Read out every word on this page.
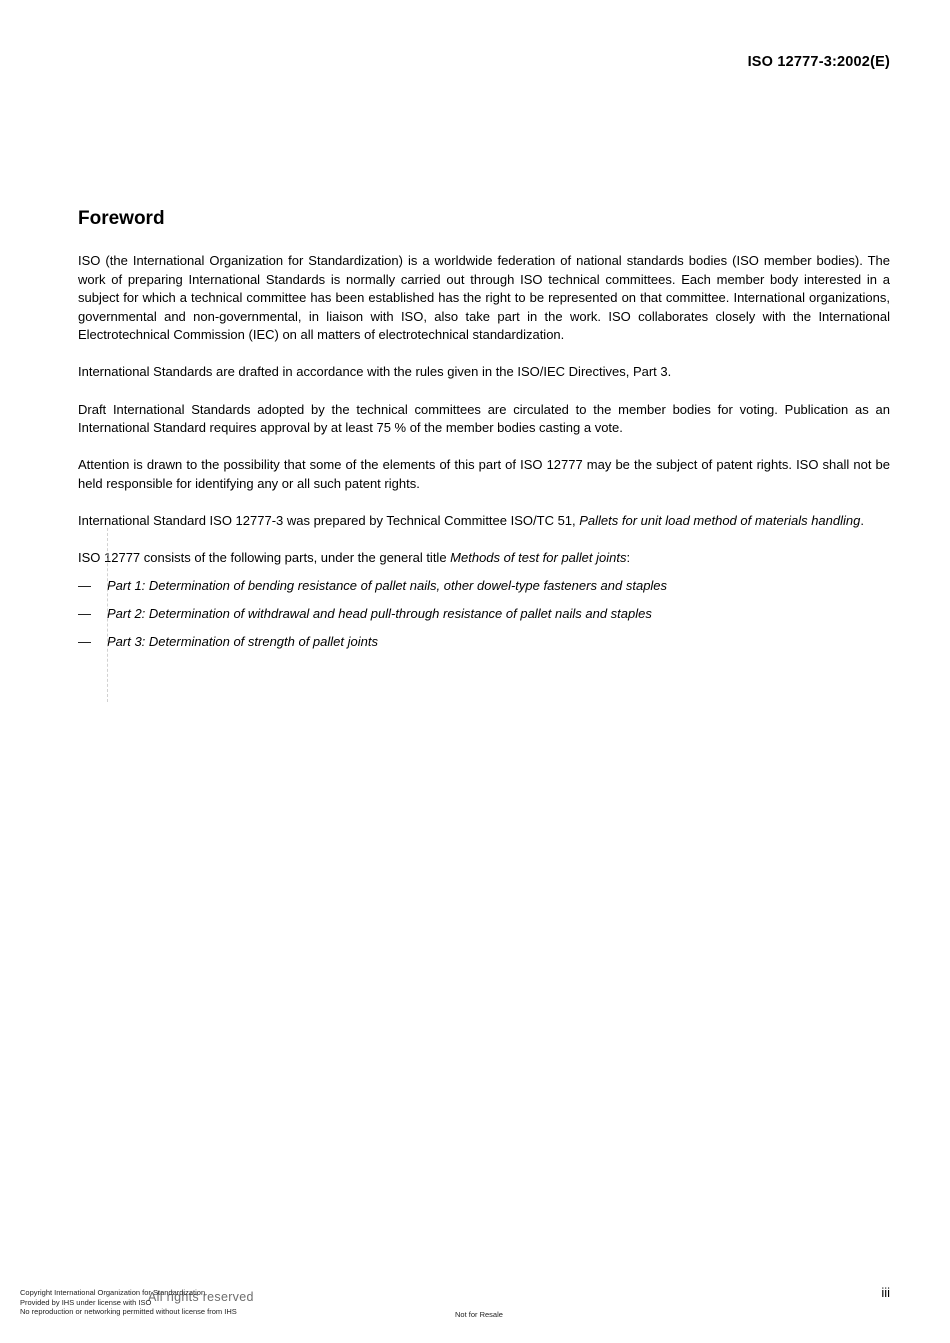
ISO 12777-3:2002(E)
Foreword

ISO (the International Organization for Standardization) is a worldwide federation of national standards bodies (ISO member bodies). The work of preparing International Standards is normally carried out through ISO technical committees. Each member body interested in a subject for which a technical committee has been established has the right to be represented on that committee. International organizations, governmental and non-governmental, in liaison with ISO, also take part in the work. ISO collaborates closely with the International Electrotechnical Commission (IEC) on all matters of electrotechnical standardization.

International Standards are drafted in accordance with the rules given in the ISO/IEC Directives, Part 3.

Draft International Standards adopted by the technical committees are circulated to the member bodies for voting. Publication as an International Standard requires approval by at least 75 % of the member bodies casting a vote.

Attention is drawn to the possibility that some of the elements of this part of ISO 12777 may be the subject of patent rights. ISO shall not be held responsible for identifying any or all such patent rights.

International Standard ISO 12777-3 was prepared by Technical Committee ISO/TC 51, Pallets for unit load method of materials handling.

ISO 12777 consists of the following parts, under the general title Methods of test for pallet joints:

—	Part 1: Determination of bending resistance of pallet nails, other dowel-type fasteners and staples
—	Part 2: Determination of withdrawal and head pull-through resistance of pallet nails and staples
—	Part 3: Determination of strength of pallet joints
All rights reserved
Copyright International Organization for Standardization
Provided by IHS under license with ISO
No reproduction or networking permitted without license from IHS	Not for Resale
iii
